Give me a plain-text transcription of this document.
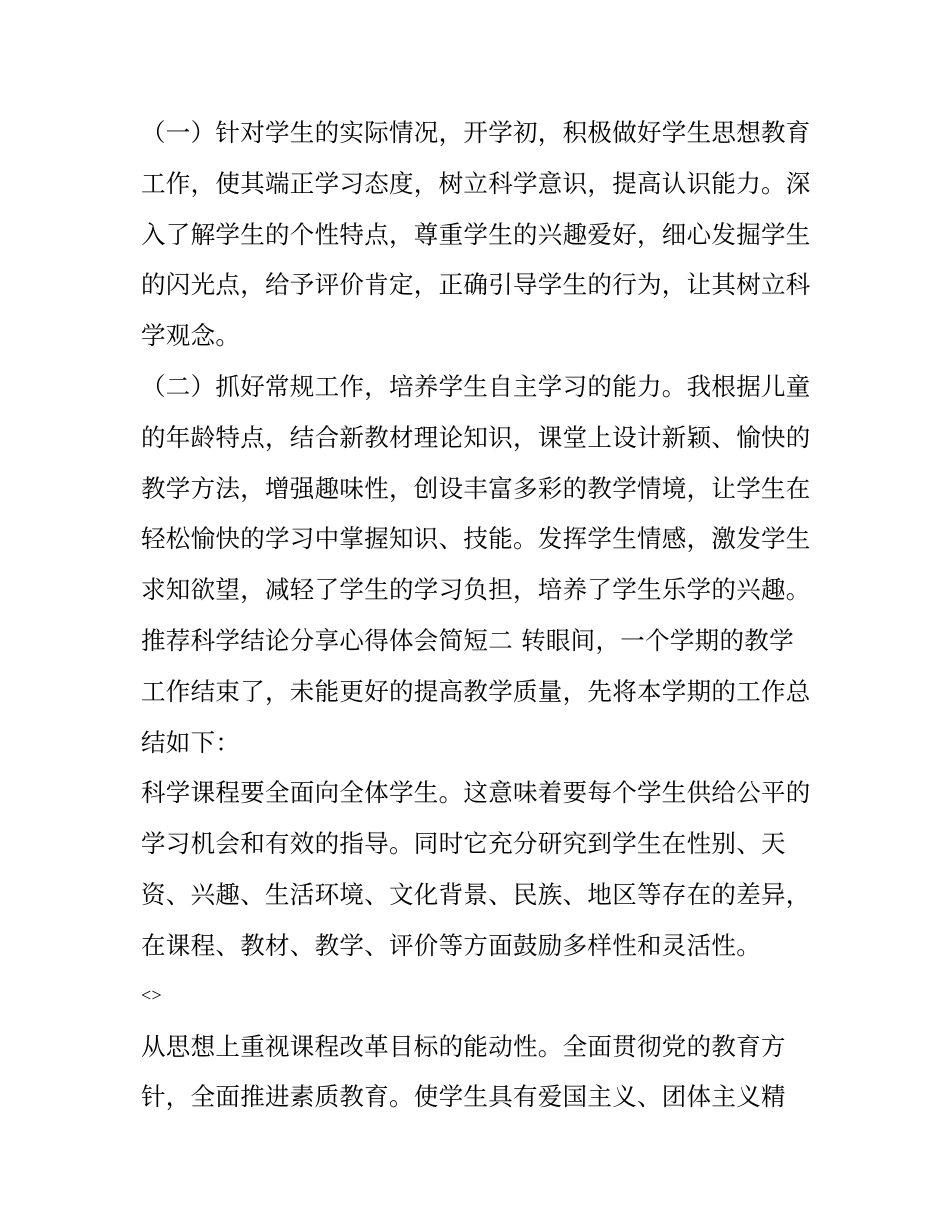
（一）针对学生的实际情况，开学初，积极做好学生思想教育
工作，使其端正学习态度，树立科学意识，提高认识能力。深
入了解学生的个性特点，尊重学生的兴趣爱好，细心发掘学生
的闪光点，给予评价肯定，正确引导学生的行为，让其树立科
学观念。
（二）抓好常规工作，培养学生自主学习的能力。我根据儿童
的年龄特点，结合新教材理论知识，课堂上设计新颖、愉快的
教学方法，增强趣味性，创设丰富多彩的教学情境，让学生在
轻松愉快的学习中掌握知识、技能。发挥学生情感，激发学生
求知欲望，减轻了学生的学习负担，培养了学生乐学的兴趣。
推荐科学结论分享心得体会简短二 转眼间，一个学期的教学
工作结束了，未能更好的提高教学质量，先将本学期的工作总
结如下：
科学课程要全面向全体学生。这意味着要每个学生供给公平的
学习机会和有效的指导。同时它充分研究到学生在性别、天
资、兴趣、生活环境、文化背景、民族、地区等存在的差异，
在课程、教材、教学、评价等方面鼓励多样性和灵活性。
<>
从思想上重视课程改革目标的能动性。全面贯彻党的教育方
针，全面推进素质教育。使学生具有爱国主义、团体主义精
